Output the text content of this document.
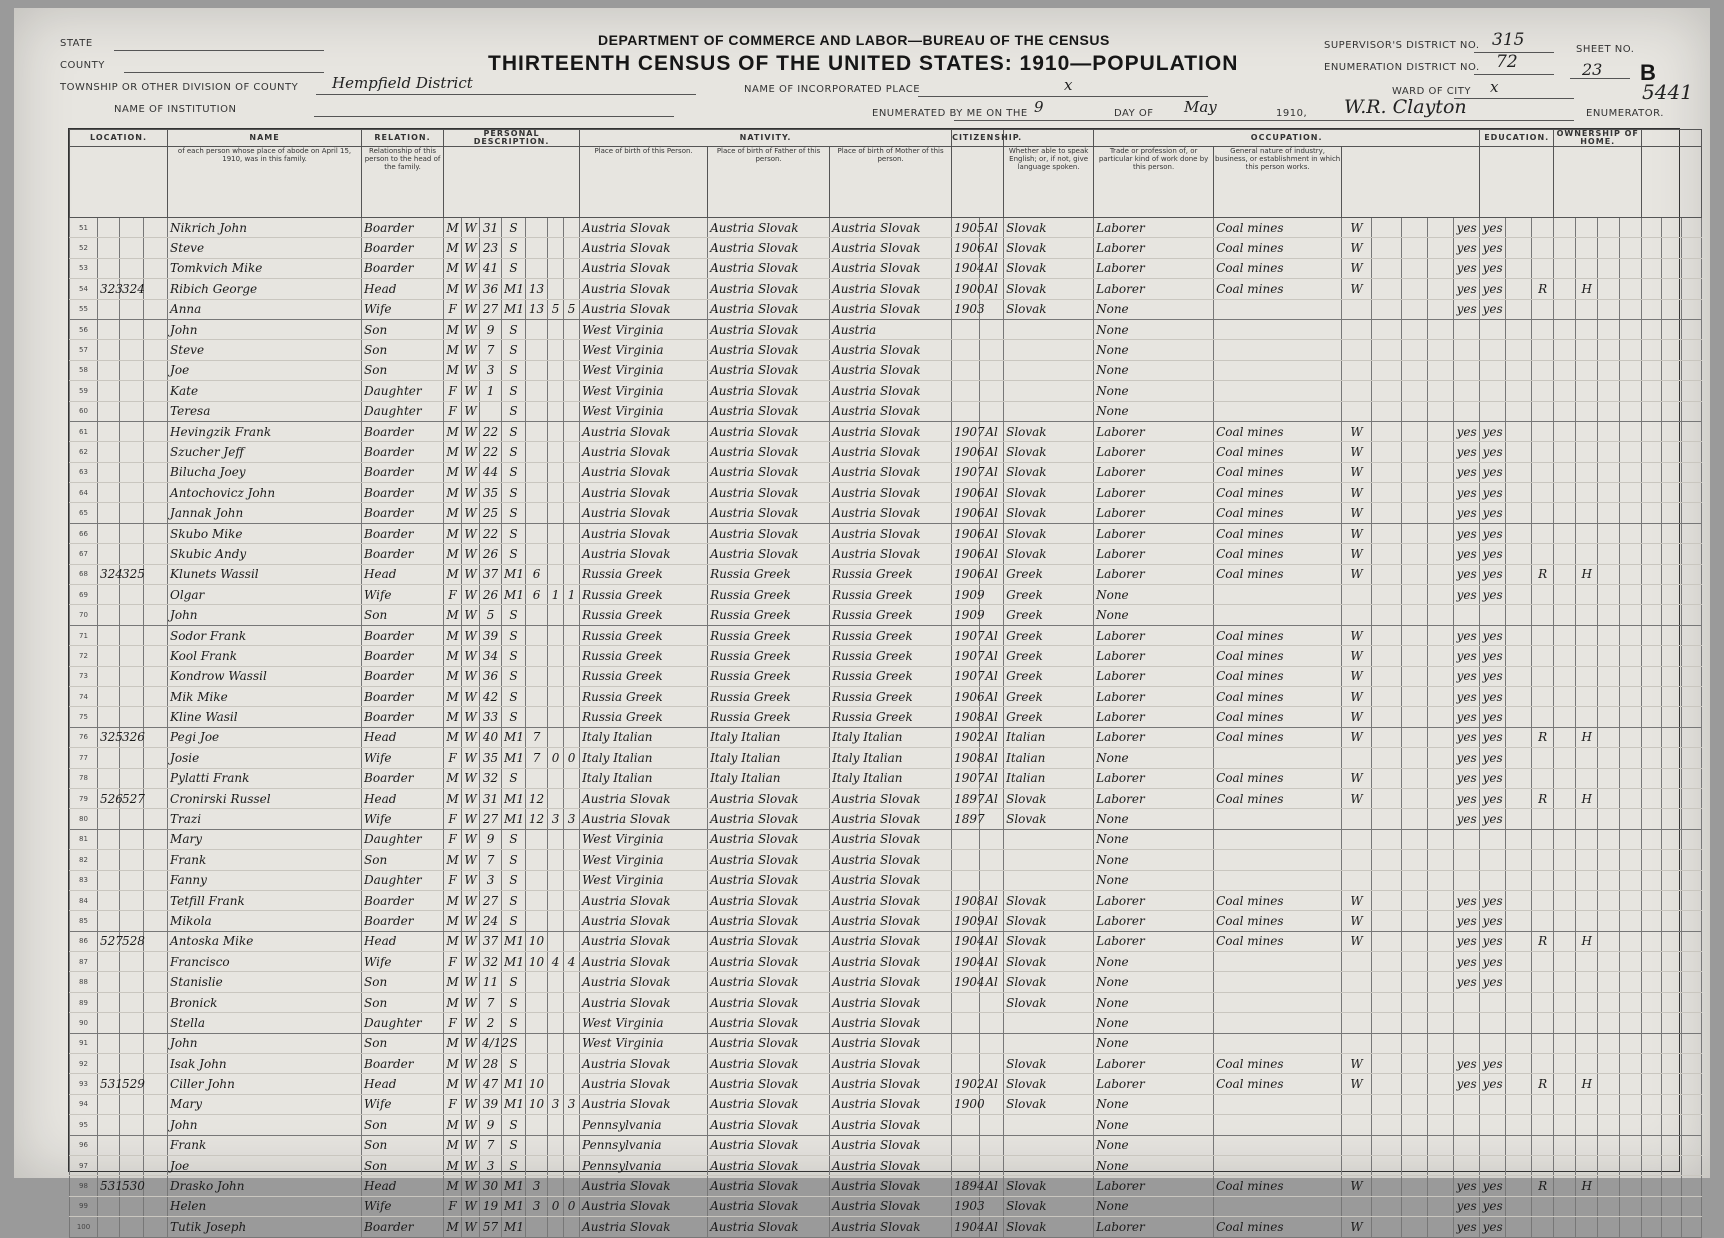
STATE
COUNTY
TOWNSHIP OR OTHER DIVISION OF COUNTY Hempfield District
NAME OF INSTITUTION
DEPARTMENT OF COMMERCE AND LABOR—BUREAU OF THE CENSUS
THIRTEENTH CENSUS OF THE UNITED STATES: 1910—POPULATION
NAME OF INCORPORATED PLACE	x
ENUMERATED BY ME ON THE 9	DAY OF May	1910, W.R. Clayton	ENUMERATOR.
SUPERVISOR'S DISTRICT NO. 315
ENUMERATION DISTRICT NO. 72
WARD OF CITY x
SHEET NO.
23 B
5441
LOCATION.				NAME	RELATION.	PERSONAL DESCRIPTION.							NATIVITY.			CITIZENSHIP.			OCCUPATION.							EDUCATION.			OWNERSHIP OF HOME.						
				of each person whose place of abode on April 15, 1910, was in this family.	Relationship of this person to the head of the family.								Place of birth of this Person.	Place of birth of Father of this person.	Place of birth of Mother of this person.			Whether able to speak English; or, if not, give language spoken.	Trade or profession of, or particular kind of work done by this person.	General nature of industry, business, or establishment in which this person works.															
51				Nikrich John	Boarder	M	W	31	S				Austria Slovak	Austria Slovak	Austria Slovak	1905	Al	Slovak	Laborer	Coal mines	W				yes	yes									
52				Steve	Boarder	M	W	23	S				Austria Slovak	Austria Slovak	Austria Slovak	1906	Al	Slovak	Laborer	Coal mines	W				yes	yes									
53				Tomkvich Mike	Boarder	M	W	41	S				Austria Slovak	Austria Slovak	Austria Slovak	1904	Al	Slovak	Laborer	Coal mines	W				yes	yes									
54	323	324		Ribich George	Head	M	W	36	M1	13			Austria Slovak	Austria Slovak	Austria Slovak	1900	Al	Slovak	Laborer	Coal mines	W				yes	yes		R		H					
55				Anna	Wife	F	W	27	M1	13	5	5	Austria Slovak	Austria Slovak	Austria Slovak	1903		Slovak	None						yes	yes									
56				John	Son	M	W	9	S				West Virginia	Austria Slovak	Austria				None																
57				Steve	Son	M	W	7	S				West Virginia	Austria Slovak	Austria Slovak				None																
58				Joe	Son	M	W	3	S				West Virginia	Austria Slovak	Austria Slovak				None																
59				Kate	Daughter	F	W	1	S				West Virginia	Austria Slovak	Austria Slovak				None																
60				Teresa	Daughter	F	W		S				West Virginia	Austria Slovak	Austria Slovak				None																
61				Hevingzik Frank	Boarder	M	W	22	S				Austria Slovak	Austria Slovak	Austria Slovak	1907	Al	Slovak	Laborer	Coal mines	W				yes	yes									
62				Szucher Jeff	Boarder	M	W	22	S				Austria Slovak	Austria Slovak	Austria Slovak	1906	Al	Slovak	Laborer	Coal mines	W				yes	yes									
63				Bilucha Joey	Boarder	M	W	44	S				Austria Slovak	Austria Slovak	Austria Slovak	1907	Al	Slovak	Laborer	Coal mines	W				yes	yes									
64				Antochovicz John	Boarder	M	W	35	S				Austria Slovak	Austria Slovak	Austria Slovak	1906	Al	Slovak	Laborer	Coal mines	W				yes	yes									
65				Jannak John	Boarder	M	W	25	S				Austria Slovak	Austria Slovak	Austria Slovak	1906	Al	Slovak	Laborer	Coal mines	W				yes	yes									
66				Skubo Mike	Boarder	M	W	22	S				Austria Slovak	Austria Slovak	Austria Slovak	1906	Al	Slovak	Laborer	Coal mines	W				yes	yes									
67				Skubic Andy	Boarder	M	W	26	S				Austria Slovak	Austria Slovak	Austria Slovak	1906	Al	Slovak	Laborer	Coal mines	W				yes	yes									
68	324	325		Klunets Wassil	Head	M	W	37	M1	6			Russia Greek	Russia Greek	Russia Greek	1906	Al	Greek	Laborer	Coal mines	W				yes	yes		R		H					
69				Olgar	Wife	F	W	26	M1	6	1	1	Russia Greek	Russia Greek	Russia Greek	1909		Greek	None						yes	yes									
70				John	Son	M	W	5	S				Russia Greek	Russia Greek	Russia Greek	1909		Greek	None																
71				Sodor Frank	Boarder	M	W	39	S				Russia Greek	Russia Greek	Russia Greek	1907	Al	Greek	Laborer	Coal mines	W				yes	yes									
72				Kool Frank	Boarder	M	W	34	S				Russia Greek	Russia Greek	Russia Greek	1907	Al	Greek	Laborer	Coal mines	W				yes	yes									
73				Kondrow Wassil	Boarder	M	W	36	S				Russia Greek	Russia Greek	Russia Greek	1907	Al	Greek	Laborer	Coal mines	W				yes	yes									
74				Mik Mike	Boarder	M	W	42	S				Russia Greek	Russia Greek	Russia Greek	1906	Al	Greek	Laborer	Coal mines	W				yes	yes									
75				Kline Wasil	Boarder	M	W	33	S				Russia Greek	Russia Greek	Russia Greek	1908	Al	Greek	Laborer	Coal mines	W				yes	yes									
76	325	326		Pegi Joe	Head	M	W	40	M1	7			Italy Italian	Italy Italian	Italy Italian	1902	Al	Italian	Laborer	Coal mines	W				yes	yes		R		H					
77				Josie	Wife	F	W	35	M1	7	0	0	Italy Italian	Italy Italian	Italy Italian	1908	Al	Italian	None						yes	yes									
78				Pylatti Frank	Boarder	M	W	32	S				Italy Italian	Italy Italian	Italy Italian	1907	Al	Italian	Laborer	Coal mines	W				yes	yes									
79	526	527		Cronirski Russel	Head	M	W	31	M1	12			Austria Slovak	Austria Slovak	Austria Slovak	1897	Al	Slovak	Laborer	Coal mines	W				yes	yes		R		H					
80				Trazi	Wife	F	W	27	M1	12	3	3	Austria Slovak	Austria Slovak	Austria Slovak	1897		Slovak	None						yes	yes									
81				Mary	Daughter	F	W	9	S				West Virginia	Austria Slovak	Austria Slovak				None																
82				Frank	Son	M	W	7	S				West Virginia	Austria Slovak	Austria Slovak				None																
83				Fanny	Daughter	F	W	3	S				West Virginia	Austria Slovak	Austria Slovak				None																
84				Tetfill Frank	Boarder	M	W	27	S				Austria Slovak	Austria Slovak	Austria Slovak	1908	Al	Slovak	Laborer	Coal mines	W				yes	yes									
85				Mikola	Boarder	M	W	24	S				Austria Slovak	Austria Slovak	Austria Slovak	1909	Al	Slovak	Laborer	Coal mines	W				yes	yes									
86	527	528		Antoska Mike	Head	M	W	37	M1	10			Austria Slovak	Austria Slovak	Austria Slovak	1904	Al	Slovak	Laborer	Coal mines	W				yes	yes		R		H					
87				Francisco	Wife	F	W	32	M1	10	4	4	Austria Slovak	Austria Slovak	Austria Slovak	1904	Al	Slovak	None						yes	yes									
88				Stanislie	Son	M	W	11	S				Austria Slovak	Austria Slovak	Austria Slovak	1904	Al	Slovak	None						yes	yes									
89				Bronick	Son	M	W	7	S				Austria Slovak	Austria Slovak	Austria Slovak			Slovak	None																
90				Stella	Daughter	F	W	2	S				West Virginia	Austria Slovak	Austria Slovak				None																
91				John	Son	M	W	4/12	S				West Virginia	Austria Slovak	Austria Slovak				None																
92				Isak John	Boarder	M	W	28	S				Austria Slovak	Austria Slovak	Austria Slovak			Slovak	Laborer	Coal mines	W				yes	yes									
93	531	529		Ciller John	Head	M	W	47	M1	10			Austria Slovak	Austria Slovak	Austria Slovak	1902	Al	Slovak	Laborer	Coal mines	W				yes	yes		R		H					
94				Mary	Wife	F	W	39	M1	10	3	3	Austria Slovak	Austria Slovak	Austria Slovak	1900		Slovak	None																
95				John	Son	M	W	9	S				Pennsylvania	Austria Slovak	Austria Slovak				None																
96				Frank	Son	M	W	7	S				Pennsylvania	Austria Slovak	Austria Slovak				None																
97				Joe	Son	M	W	3	S				Pennsylvania	Austria Slovak	Austria Slovak				None																
98	531	530		Drasko John	Head	M	W	30	M1	3			Austria Slovak	Austria Slovak	Austria Slovak	1894	Al	Slovak	Laborer	Coal mines	W				yes	yes		R		H					
99				Helen	Wife	F	W	19	M1	3	0	0	Austria Slovak	Austria Slovak	Austria Slovak	1903		Slovak	None						yes	yes									
100				Tutik Joseph	Boarder	M	W	57	M1				Austria Slovak	Austria Slovak	Austria Slovak	1904	Al	Slovak	Laborer	Coal mines	W				yes	yes									
